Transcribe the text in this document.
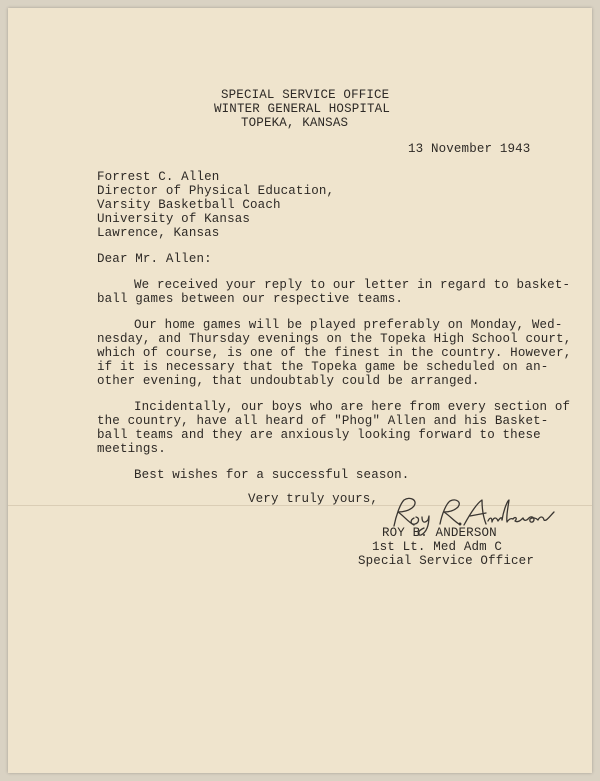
SPECIAL SERVICE OFFICE
WINTER GENERAL HOSPITAL
TOPEKA, KANSAS
13 November 1943
Forrest C. Allen
Director of Physical Education,
Varsity Basketball Coach
University of Kansas
Lawrence, Kansas
Dear Mr. Allen:
We received your reply to our letter in regard to basket-
ball games between our respective teams.
Our home games will be played preferably on Monday, Wed-
nesday, and Thursday evenings on the Topeka High School court,
which of course, is one of the finest in the country. However,
if it is necessary that the Topeka game be scheduled on an-
other evening, that undoubtably could be arranged.
Incidentally, our boys who are here from every section of
the country, have all heard of "Phog" Allen and his Basket-
ball teams and they are anxiously looking forward to these
meetings.
Best wishes for a successful season.
Very truly yours,
ROY B. ANDERSON
1st Lt. Med Adm C
Special Service Officer
